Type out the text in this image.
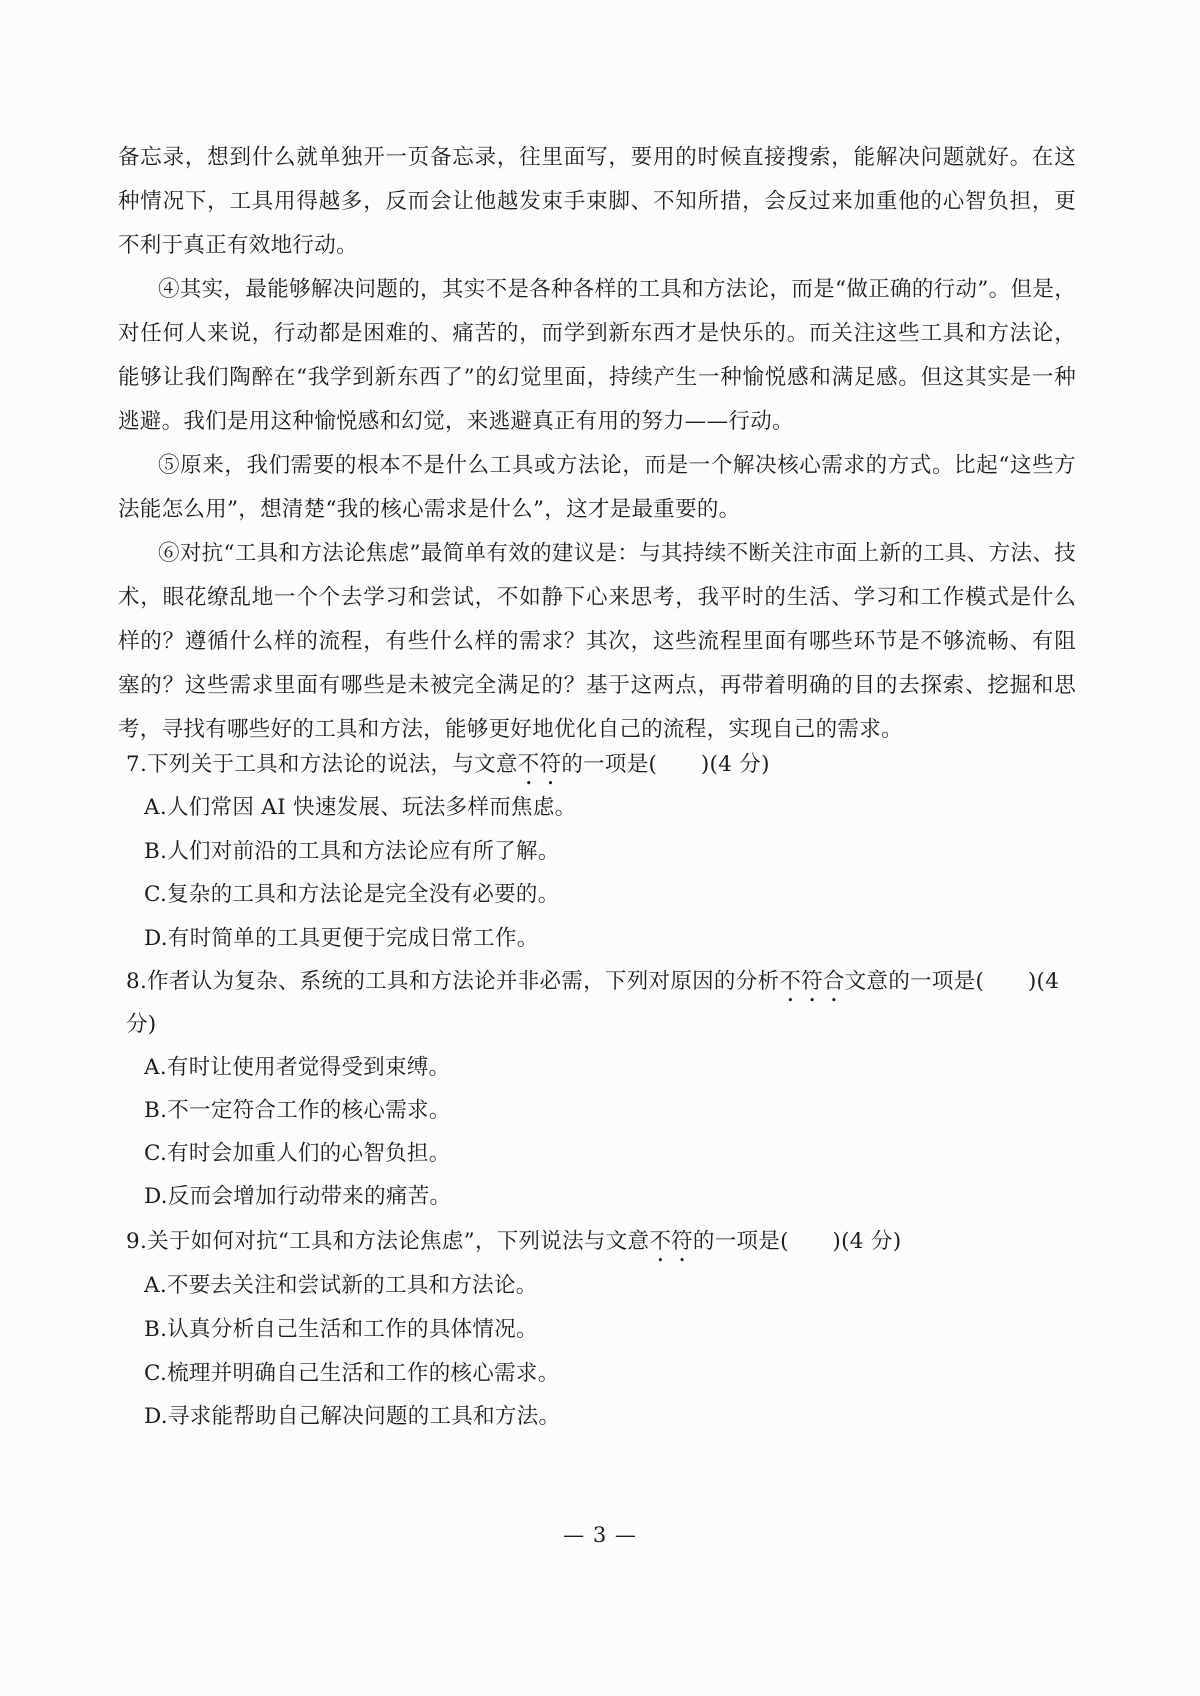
备忘录，想到什么就单独开一页备忘录，往里面写，要用的时候直接搜索，能解决问题就好。在这种情况下，工具用得越多，反而会让他越发束手束脚、不知所措，会反过来加重他的心智负担，更不利于真正有效地行动。

④其实，最能够解决问题的，其实不是各种各样的工具和方法论，而是“做正确的行动”。但是，对任何人来说，行动都是困难的、痛苦的，而学到新东西才是快乐的。而关注这些工具和方法论，能够让我们陶醉在“我学到新东西了”的幻觉里面，持续产生一种愉悦感和满足感。但这其实是一种逃避。我们是用这种愉悦感和幻觉，来逃避真正有用的努力——行动。

⑤原来，我们需要的根本不是什么工具或方法论，而是一个解决核心需求的方式。比起“这些方法能怎么用”，想清楚“我的核心需求是什么”，这才是最重要的。

⑥对抗“工具和方法论焦虑”最简单有效的建议是：与其持续不断关注市面上新的工具、方法、技术，眼花缭乱地一个个去学习和尝试，不如静下心来思考，我平时的生活、学习和工作模式是什么样的？遵循什么样的流程，有些什么样的需求？其次，这些流程里面有哪些环节是不够流畅、有阻塞的？这些需求里面有哪些是未被完全满足的？基于这两点，再带着明确的目的去探索、挖掘和思考，寻找有哪些好的工具和方法，能够更好地优化自己的流程，实现自己的需求。

7.下列关于工具和方法论的说法，与文意不符的一项是(　　)(4 分)
A.人们常因 AI 快速发展、玩法多样而焦虑。
B.人们对前沿的工具和方法论应有所了解。
C.复杂的工具和方法论是完全没有必要的。
D.有时简单的工具更便于完成日常工作。
8.作者认为复杂、系统的工具和方法论并非必需，下列对原因的分析不符合文意的一项是(　　)(4
分)
A.有时让使用者觉得受到束缚。
B.不一定符合工作的核心需求。
C.有时会加重人们的心智负担。
D.反而会增加行动带来的痛苦。
9.关于如何对抗“工具和方法论焦虑”，下列说法与文意不符的一项是(　　)(4 分)
A.不要去关注和尝试新的工具和方法论。
B.认真分析自己生活和工作的具体情况。
C.梳理并明确自己生活和工作的核心需求。
D.寻求能帮助自己解决问题的工具和方法。
— 3 —
